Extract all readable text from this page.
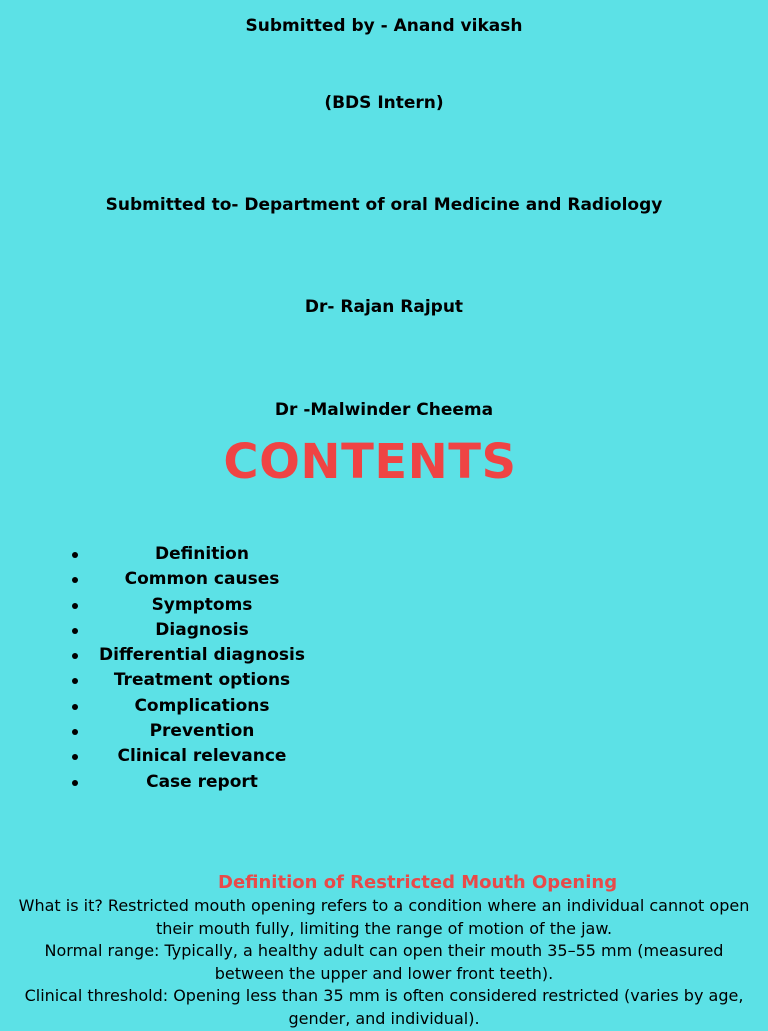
Submitted by - Anand vikash
(BDS Intern)
Submitted to- Department of oral Medicine and Radiology
Dr- Rajan Rajput
Dr -Malwinder Cheema
CONTENTS
Definition
Common causes
Symptoms
Diagnosis
Differential diagnosis
Treatment options
Complications
Prevention
Clinical relevance
Case report
Definition of Restricted Mouth Opening

What is it? Restricted mouth opening refers to a condition where an individual cannot open their mouth fully, limiting the range of motion of the jaw.

Normal range: Typically, a healthy adult can open their mouth 35–55 mm (measured between the upper and lower front teeth).

Clinical threshold: Opening less than 35 mm is often considered restricted (varies by age, gender, and individual).
